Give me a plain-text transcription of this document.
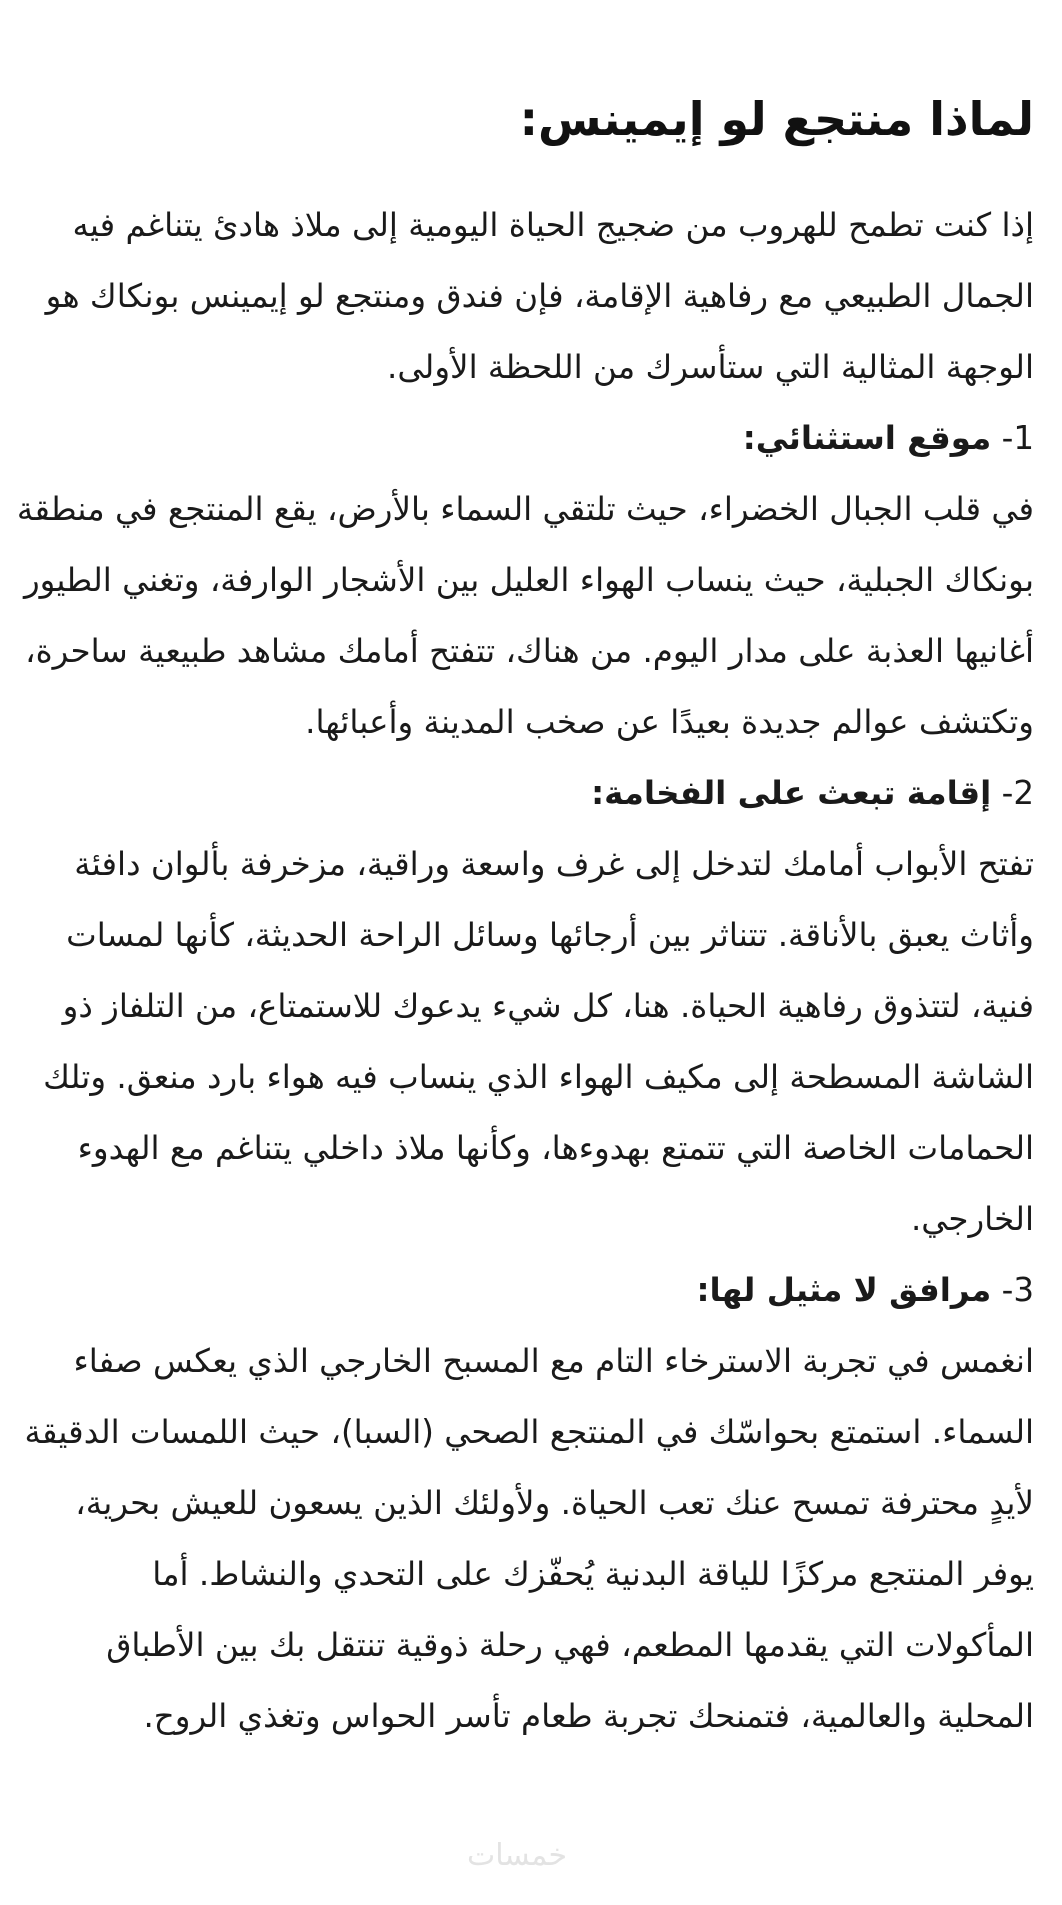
لماذا منتجع لو إيمينس:

إذا كنت تطمح للهروب من ضجيج الحياة اليومية إلى ملاذ هادئ يتناغم فيه الجمال الطبيعي مع رفاهية الإقامة، فإن فندق ومنتجع لو إيمينس بونكاك هو الوجهة المثالية التي ستأسرك من اللحظة الأولى.

1- موقع استثنائي:

في قلب الجبال الخضراء، حيث تلتقي السماء بالأرض، يقع المنتجع في منطقة بونكاك الجبلية، حيث ينساب الهواء العليل بين الأشجار الوارفة، وتغني الطيور أغانيها العذبة على مدار اليوم. من هناك، تتفتح أمامك مشاهد طبيعية ساحرة، وتكتشف عوالم جديدة بعيدًا عن صخب المدينة وأعبائها.

2- إقامة تبعث على الفخامة:

تفتح الأبواب أمامك لتدخل إلى غرف واسعة وراقية، مزخرفة بألوان دافئة وأثاث يعبق بالأناقة. تتناثر بين أرجائها وسائل الراحة الحديثة، كأنها لمسات فنية، لتتذوق رفاهية الحياة. هنا، كل شيء يدعوك للاستمتاع، من التلفاز ذو الشاشة المسطحة إلى مكيف الهواء الذي ينساب فيه هواء بارد منعق. وتلك الحمامات الخاصة التي تتمتع بهدوءها، وكأنها ملاذ داخلي يتناغم مع الهدوء الخارجي.

3- مرافق لا مثيل لها:

انغمس في تجربة الاسترخاء التام مع المسبح الخارجي الذي يعكس صفاء السماء. استمتع بحواسّك في المنتجع الصحي (السبا)، حيث اللمسات الدقيقة لأيدٍ محترفة تمسح عنك تعب الحياة. ولأولئك الذين يسعون للعيش بحرية، يوفر المنتجع مركزًا للياقة البدنية يُحفّزك على التحدي والنشاط. أما المأكولات التي يقدمها المطعم، فهي رحلة ذوقية تنتقل بك بين الأطباق المحلية والعالمية، فتمنحك تجربة طعام تأسر الحواس وتغذي الروح.

خمسات
